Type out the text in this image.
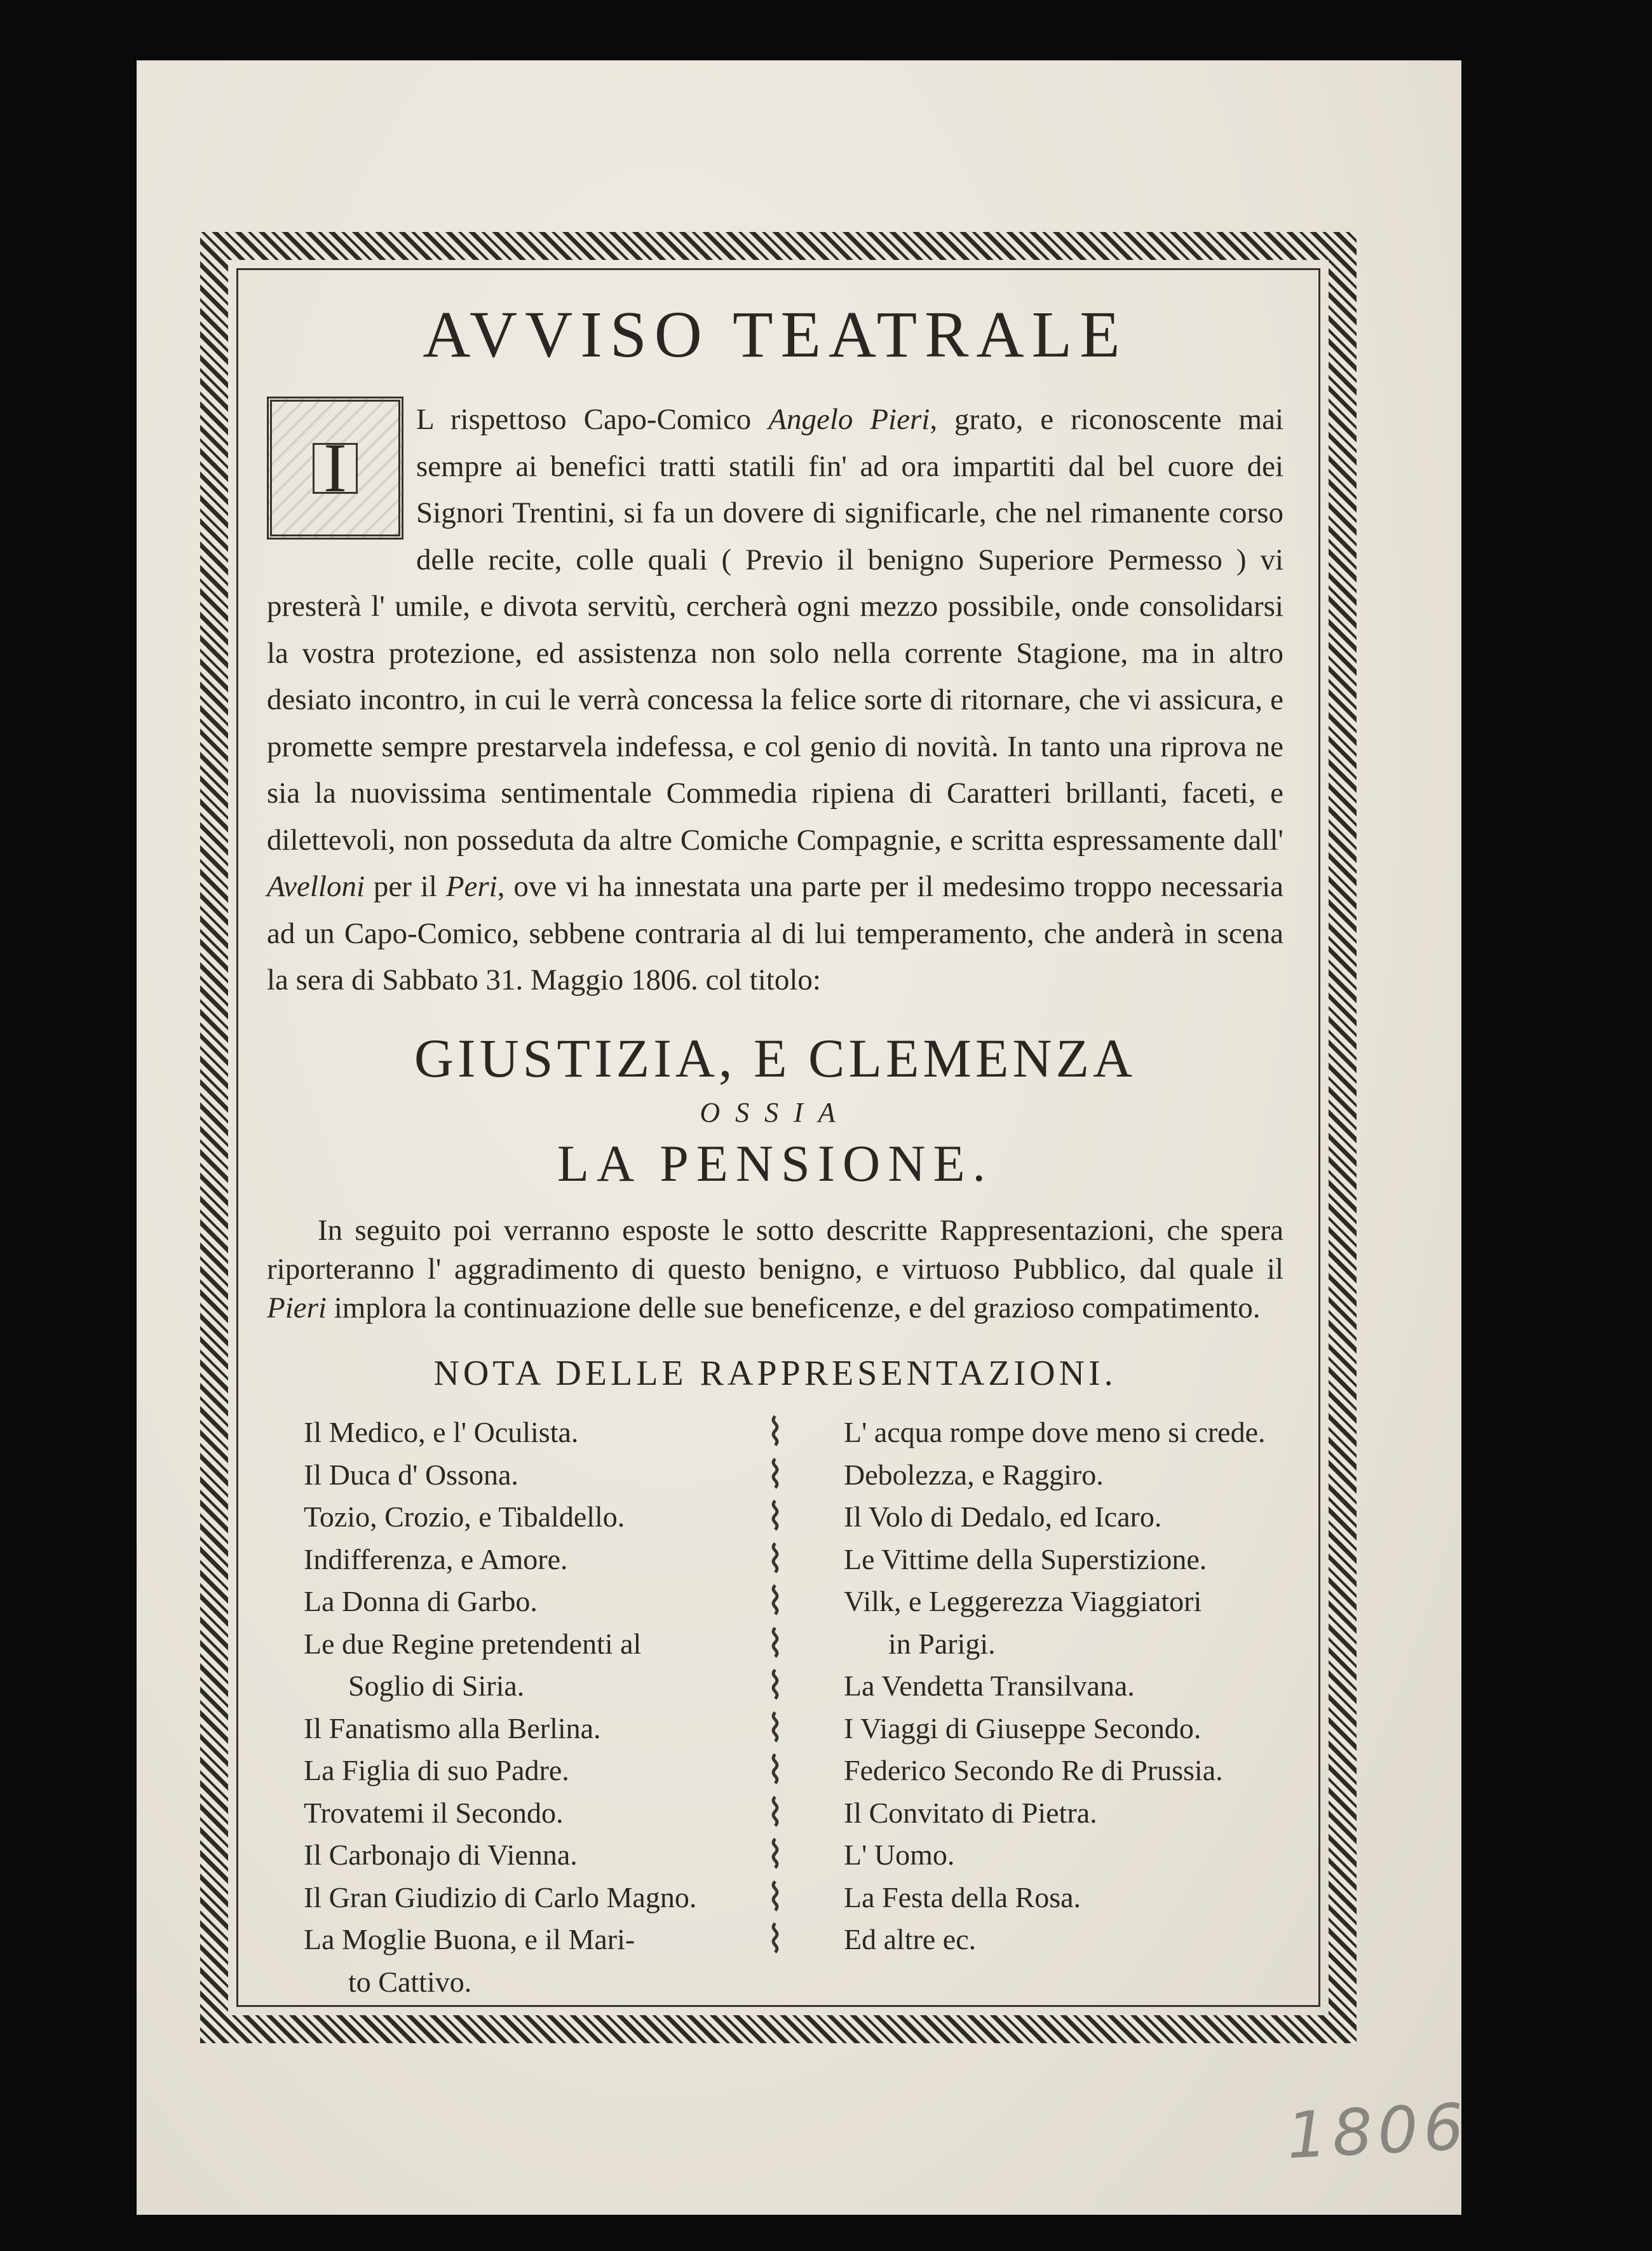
AVVISO TEATRALE
I
L rispettoso Capo-Comico Angelo Pieri, grato, e riconoscente mai sempre ai benefici tratti statili fin' ad ora impartiti dal bel cuore dei Signori Trentini, si fa un dovere di significarle, che nel rimanente corso delle recite, colle quali ( Previo il benigno Superiore Permesso ) vi presterà l' umile, e divota servitù, cercherà ogni mezzo possibile, onde consolidarsi la vostra protezione, ed assistenza non solo nella corrente Stagione, ma in altro desiato incontro, in cui le verrà concessa la felice sorte di ritornare, che vi assicura, e promette sempre prestarvela indefessa, e col genio di novità. In tanto una riprova ne sia la nuovissima sentimentale Commedia ripiena di Caratteri brillanti, faceti, e dilettevoli, non posseduta da altre Comiche Compagnie, e scritta espressamente dall' Avelloni per il Peri, ove vi ha innestata una parte per il medesimo troppo necessaria ad un Capo-Comico, sebbene contraria al di lui temperamento, che anderà in scena la sera di Sabbato 31. Maggio 1806. col titolo:
GIUSTIZIA, E CLEMENZA
OSSIA
LA PENSIONE.
In seguito poi verranno esposte le sotto descritte Rappresentazioni, che spera riporteranno l' aggradimento di questo benigno, e virtuoso Pubblico, dal quale il Pieri implora la continuazione delle sue beneficenze, e del grazioso compatimento.
NOTA DELLE RAPPRESENTAZIONI.
Il Medico, e l' Oculista.
Il Duca d' Ossona.
Tozio, Crozio, e Tibaldello.
Indifferenza, e Amore.
La Donna di Garbo.
Le due Regine pretendenti al
Soglio di Siria.
Il Fanatismo alla Berlina.
La Figlia di suo Padre.
Trovatemi il Secondo.
Il Carbonajo di Vienna.
Il Gran Giudizio di Carlo Magno.
La Moglie Buona, e il Mari-
to Cattivo.
⌇
⌇
⌇
⌇
⌇
⌇
⌇
⌇
⌇
⌇
⌇
⌇
⌇
L' acqua rompe dove meno si crede.
Debolezza, e Raggiro.
Il Volo di Dedalo, ed Icaro.
Le Vittime della Superstizione.
Vilk, e Leggerezza Viaggiatori
in Parigi.
La Vendetta Transilvana.
I Viaggi di Giuseppe Secondo.
Federico Secondo Re di Prussia.
Il Convitato di Pietra.
L' Uomo.
La Festa della Rosa.
Ed altre ec.
1806
